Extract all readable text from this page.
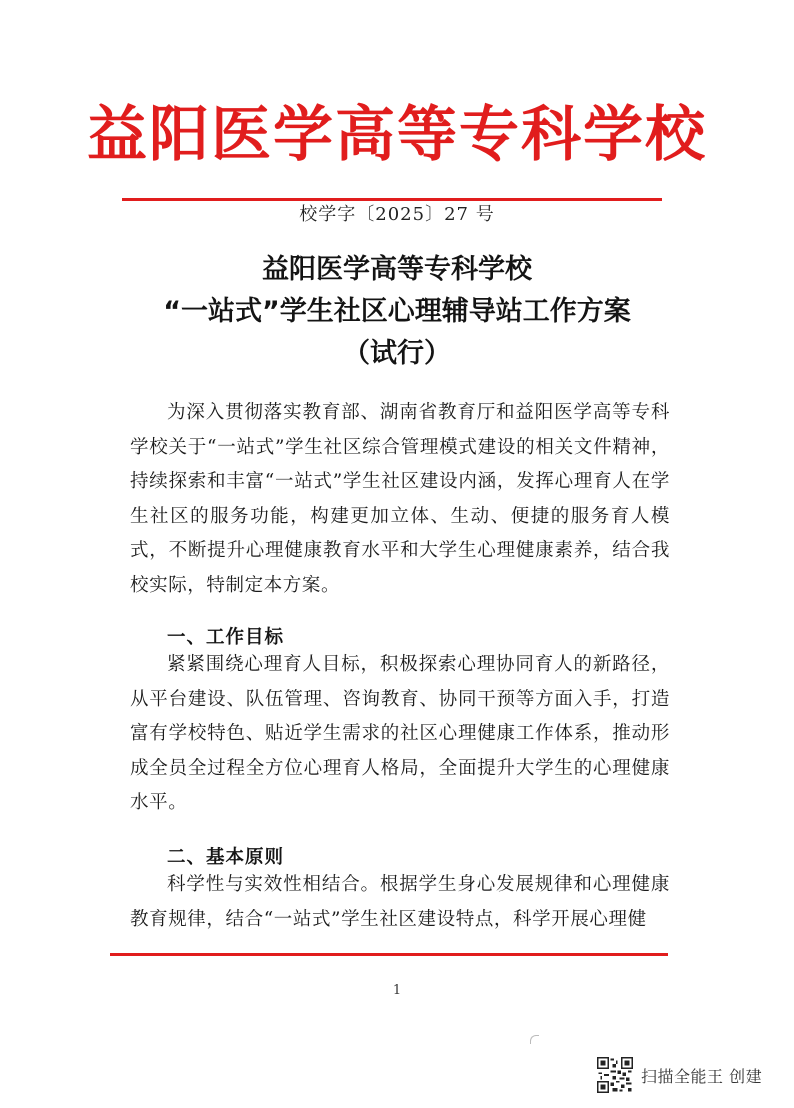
益阳医学高等专科学校
校学字〔2025〕27 号
益阳医学高等专科学校
“一站式”学生社区心理辅导站工作方案
（试行）

为深入贯彻落实教育部、湖南省教育厅和益阳医学高等专科学校关于“一站式”学生社区综合管理模式建设的相关文件精神，持续探索和丰富“一站式”学生社区建设内涵，发挥心理育人在学生社区的服务功能，构建更加立体、生动、便捷的服务育人模式，不断提升心理健康教育水平和大学生心理健康素养，结合我校实际，特制定本方案。

一、工作目标

紧紧围绕心理育人目标，积极探索心理协同育人的新路径，从平台建设、队伍管理、咨询教育、协同干预等方面入手，打造富有学校特色、贴近学生需求的社区心理健康工作体系，推动形成全员全过程全方位心理育人格局，全面提升大学生的心理健康水平。

二、基本原则

科学性与实效性相结合。根据学生身心发展规律和心理健康教育规律，结合“一站式”学生社区建设特点，科学开展心理健

1
扫描全能王 创建
